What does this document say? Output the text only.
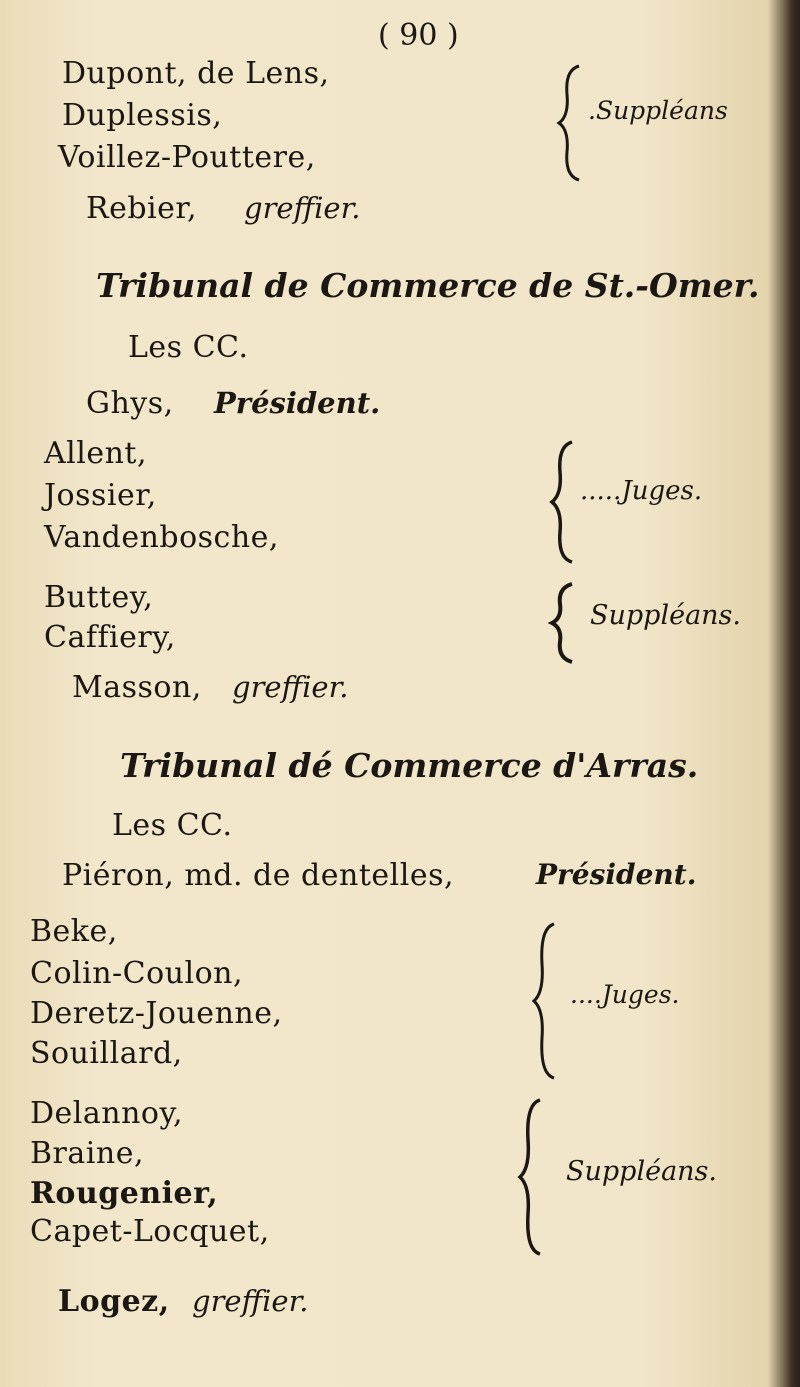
( 90 )
Dupont, de Lens,
Duplessis,
Voillez-Pouttere,
.Suppléans
Rebier, greffier.
Tribunal de Commerce de St.-Omer.
Les CC.
Ghys, Président.
Allent,
Jossier,
Vandenbosche,
.....Juges.
Buttey,
Caffiery,
Suppléans.
Masson, greffier.
Tribunal dé Commerce d'Arras.
Les CC.
Piéron, md. de dentelles,	Président.
Beke,
Colin-Coulon,
Deretz-Jouenne,
Souillard,
....Juges.
Delannoy,
Braine,
Rougenier,
Capet-Locquet,
Suppléans.
Logez, greffier.
